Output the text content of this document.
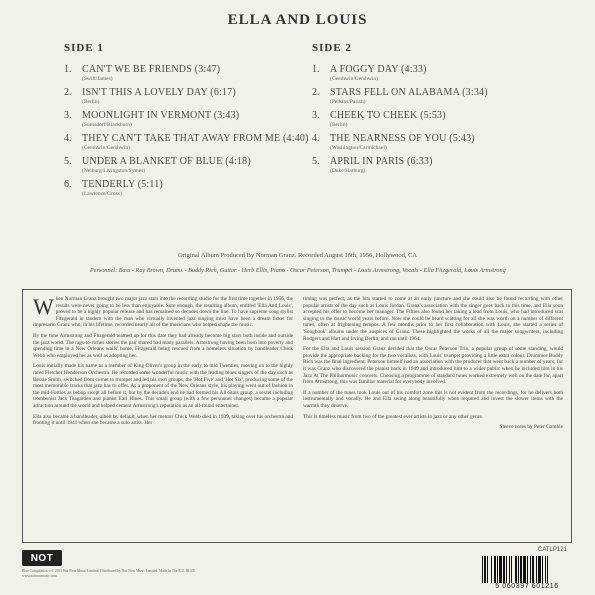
ELLA AND LOUIS
SIDE 1
1.	CAN'T WE BE FRIENDS (3:47)
(Swift/James)
2.	ISN'T THIS A LOVELY DAY (6:17)
(Berlin)
3.	MOONLIGHT IN VERMONT (3:43)
(Suessdorf/Blackburn)
4.	THEY CAN'T TAKE THAT AWAY FROM ME (4:40)
(Gershwin/Gershwin)
5.	UNDER A BLANKET OF BLUE (4:18)
(Neiburg/Livingston/Symes)
6.	TENDERLY (5:11)
(Lawrence/Gross)
SIDE 2
1.	A FOGGY DAY (4:33)
(Gershwin/Gershwin)
2.	STARS FELL ON ALABAMA (3:34)
(Perkins/Parish)
3.	CHEEK TO CHEEK (5:53)
(Berlin)
4.	THE NEARNESS OF YOU (5:43)
(Washington/Carmichael)
5.	APRIL IN PARIS (6:33)
(Duke/Harburg)
Original Album Produced By Norman Granz. Recorded August 16th, 1956, Hollywood, CA
Personnel: Bass - Ray Brown, Drums - Buddy Rich, Guitar - Herb Ellis, Piano - Oscar Peterson, Trumpet - Louis Armstrong, Vocals - Ella Fitzgerald, Louis Armstrong

When Norman Granz brought two major jazz stars into the recording studio for the first time together in 1956, the results were never going to be less than enjoyable. Sure enough, the resulting album, entitled 'Ella And Louis', proved to be a highly popular release and has remained so decades down the line. To have supreme song stylist Fitzgerald in tandem with the man who virtually invented jazz singing must have been a dream ticket for impresario Granz who, in his lifetime, recorded nearly all of the musicians who helped shape the music.

By the time Armstrong and Fitzgerald teamed up for this date they had already become big stars both inside and outside the jazz world. The rags-to-riches stories the pair shared had many parallels. Armstrong having been born into poverty and spending time in a New Orleans waifs' home, Fitzgerald being rescued from a homeless situation by bandleader Chick Webb who employed her as well as adopting her.

Louis initially made his name as a member of King Oliver's group in the early to mid Twenties, moving on to the highly rated Fletcher Henderson Orchestra. He recorded some wonderful music with the leading blues singers of the day such as Bessie Smith, switched from cornet to trumpet and led his own groups, the 'Hot Five' and 'Hot Six', producing some of the most memorable tracks that jazz has to offer. As a proponent of the New Orleans style, his playing went out of fashion in the mid-Forties as bebop swept all before it, but by the decade's end he had formed his All-Stars group, a sextet including trombonist Jack Teagarden and pianist Earl Hines. This small group (with a few personnel changes) became a popular attraction around the world and helped cement Armstrong's reputation as an all-round entertainer.

Ella also became a bandleader, albeit by default, when her mentor Chick Webb died in 1939, taking over his orchestra and fronting it until 1941 when she became a solo artist. Her

timing was perfect, as the hits started to come at an early juncture and she could also be found recording with other popular artists of the day such as Louis Jordan. Granz's association with the singer goes back to this time, and Ella soon accepted his offer to become her manager. The Fifties also found her taking a lead from Louis, who had introduced scat singing to the music world years before. Now she could be heard scatting for all she was worth on a number of different tunes, often at frightening tempos. A few months prior to her first collaboration with Louis, she started a series of 'Songbook' albums under the auspices of Granz. These highlighted the works of all the major songwriters, including Rodgers and Hart and Irving Berlin, and ran until 1964.

For the Ella and Louis session Granz decided that the Oscar Peterson Trio, a popular group of some standing, would provide the appropriate backing for the two vocalists, with Louis' trumpet providing a little extra colour. Drummer Buddy Rich was the final ingredient. Peterson himself had an association with the producer that went back a number of years, for it was Granz who discovered the pianist back in 1949 and introduced him to a wider public when he included him in his Jazz At The Philharmonic concerts. Choosing a programme of standard tunes worked extremely well on the date for, apart from Armstrong, this was familiar material for everybody involved.

If a number of the tunes took Louis out of his comfort zone this is not evident from the recordings, for he delivers both instrumentally and vocally. He and Ella swing along beautifully when required and invest the slower items with the warmth they deserve.

This is timeless music from two of the greatest ever artists in jazz or any other genre.

Sleeve notes by Peter Gamble
NOT
Blue Compilation ℗© 2013 Not Now Music Limited. Distributed by Not Now Music Limited. Made In The E.U. BLUE
www.notnowmusic.com
CATLP121
5 060397 601216
